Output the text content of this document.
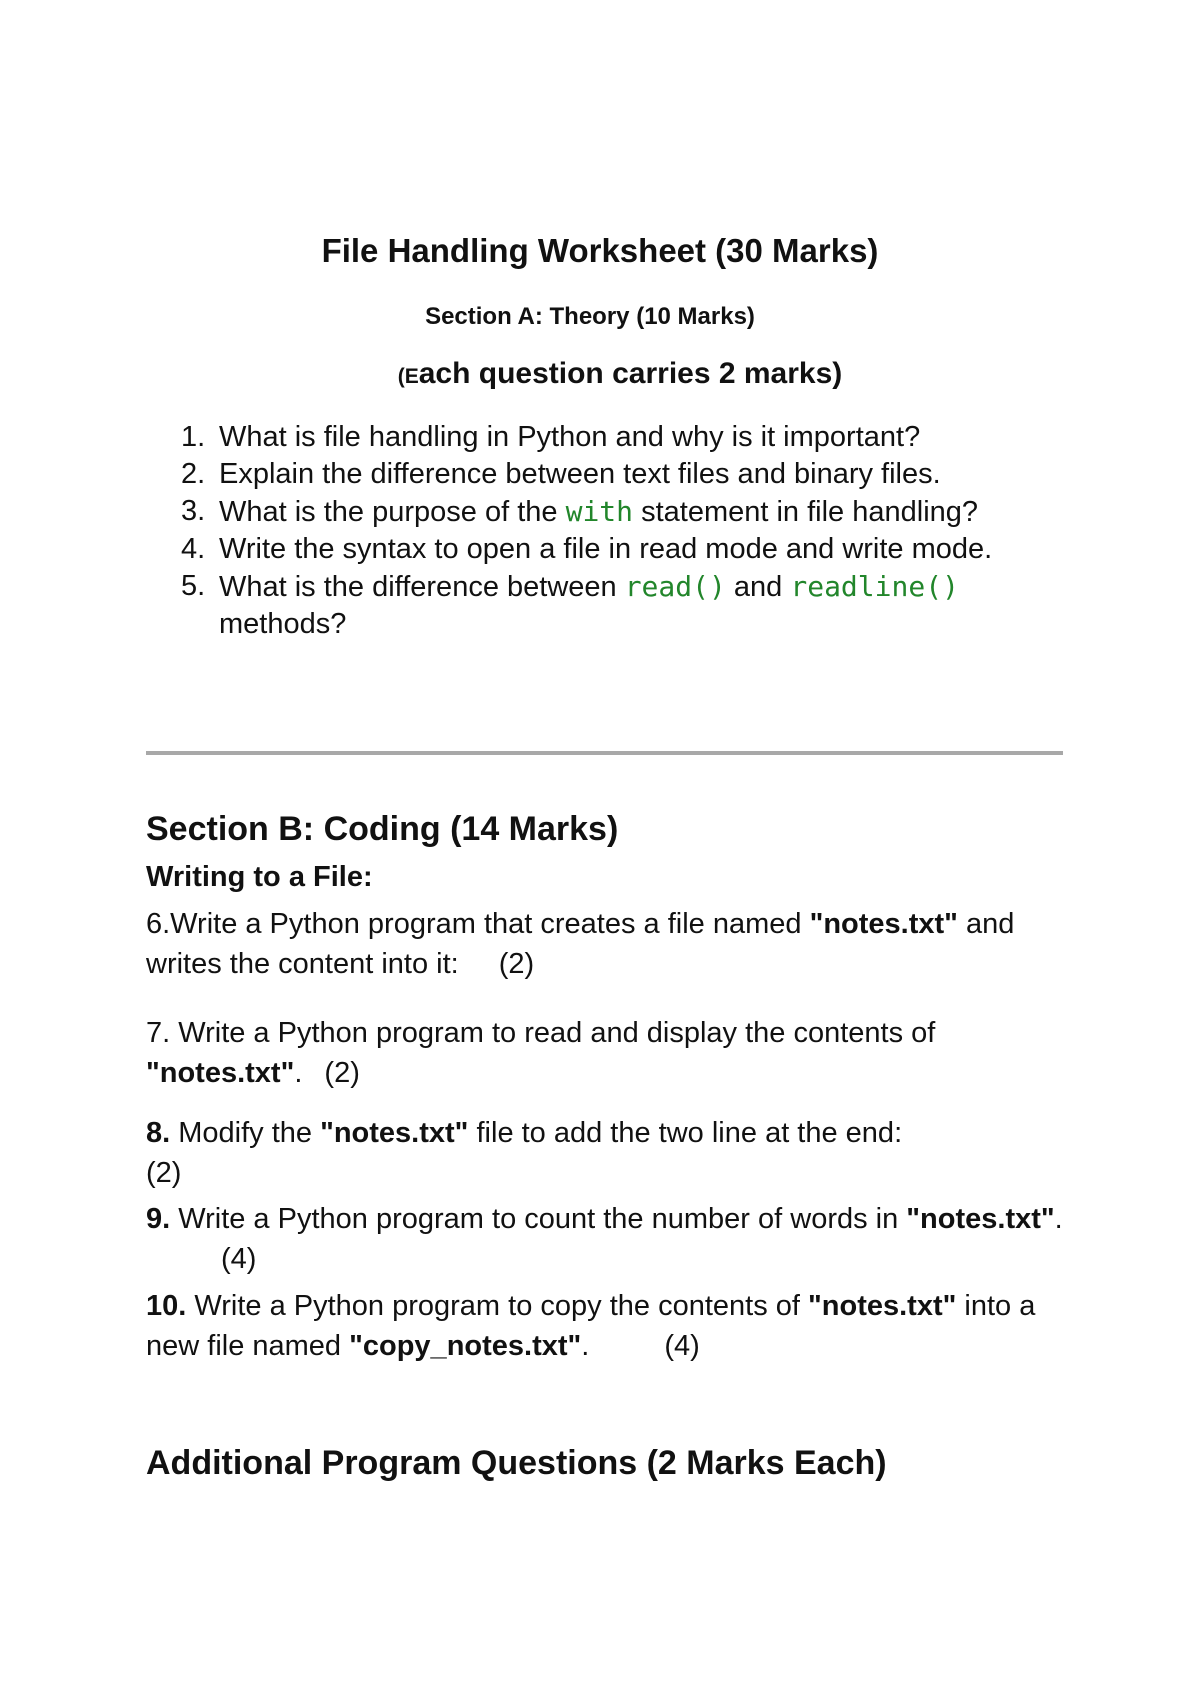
File Handling Worksheet (30 Marks)
Section A: Theory (10 Marks)

(Each question carries 2 marks)

1. What is file handling in Python and why is it important?
2. Explain the difference between text files and binary files.
3. What is the purpose of the with statement in file handling?
4. Write the syntax to open a file in read mode and write mode.
5. What is the difference between read() and readline() methods?
Section B: Coding (14 Marks)
Writing to a File:

6.Write a Python program that creates a file named "notes.txt" and writes the content into it: (2)

7. Write a Python program to read and display the contents of "notes.txt". (2)

8. Modify the "notes.txt" file to add the two line at the end:
(2)

9. Write a Python program to count the number of words in "notes.txt".(4)

10. Write a Python program to copy the contents of "notes.txt" into a new file named "copy_notes.txt".	(4)

Additional Program Questions (2 Marks Each)
